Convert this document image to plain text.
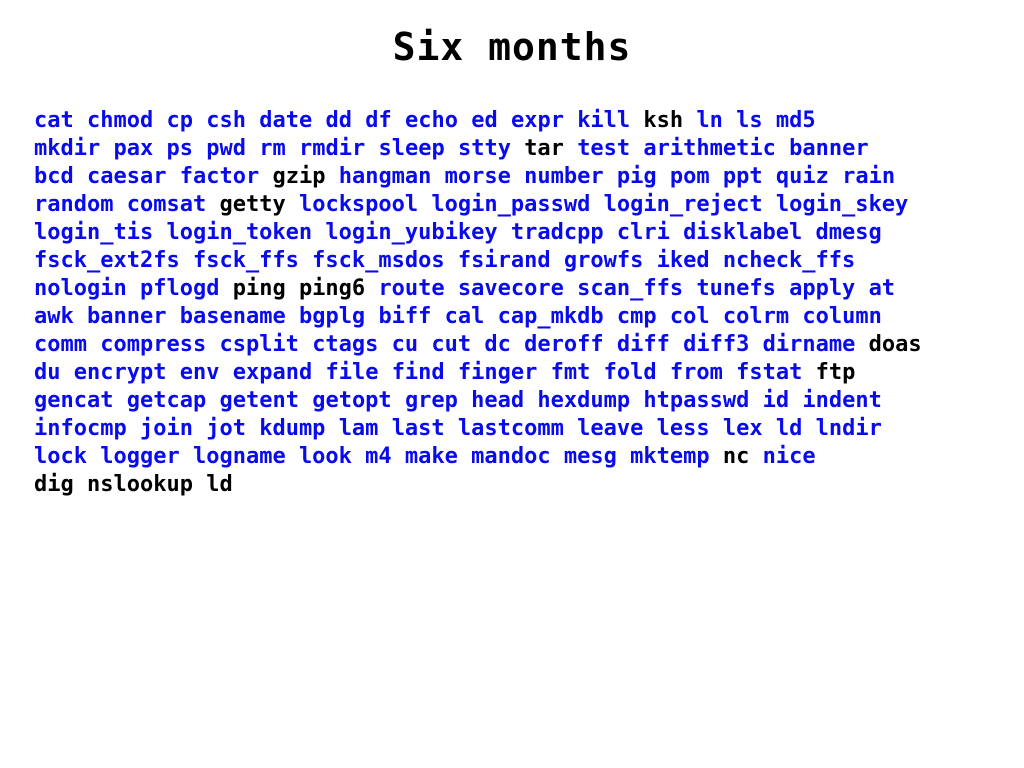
Six months
cat chmod cp csh date dd df echo ed expr kill ksh ln ls md5
mkdir pax ps pwd rm rmdir sleep stty tar test arithmetic banner
bcd caesar factor gzip hangman morse number pig pom ppt quiz rain
random comsat getty lockspool login_passwd login_reject login_skey
login_tis login_token login_yubikey tradcpp clri disklabel dmesg
fsck_ext2fs fsck_ffs fsck_msdos fsirand growfs iked ncheck_ffs
nologin pflogd ping ping6 route savecore scan_ffs tunefs apply at
awk banner basename bgplg biff cal cap_mkdb cmp col colrm column
comm compress csplit ctags cu cut dc deroff diff diff3 dirname doas
du encrypt env expand file find finger fmt fold from fstat ftp
gencat getcap getent getopt grep head hexdump htpasswd id indent
infocmp join jot kdump lam last lastcomm leave less lex ld lndir
lock logger logname look m4 make mandoc mesg mktemp nc nice
dig nslookup ld
